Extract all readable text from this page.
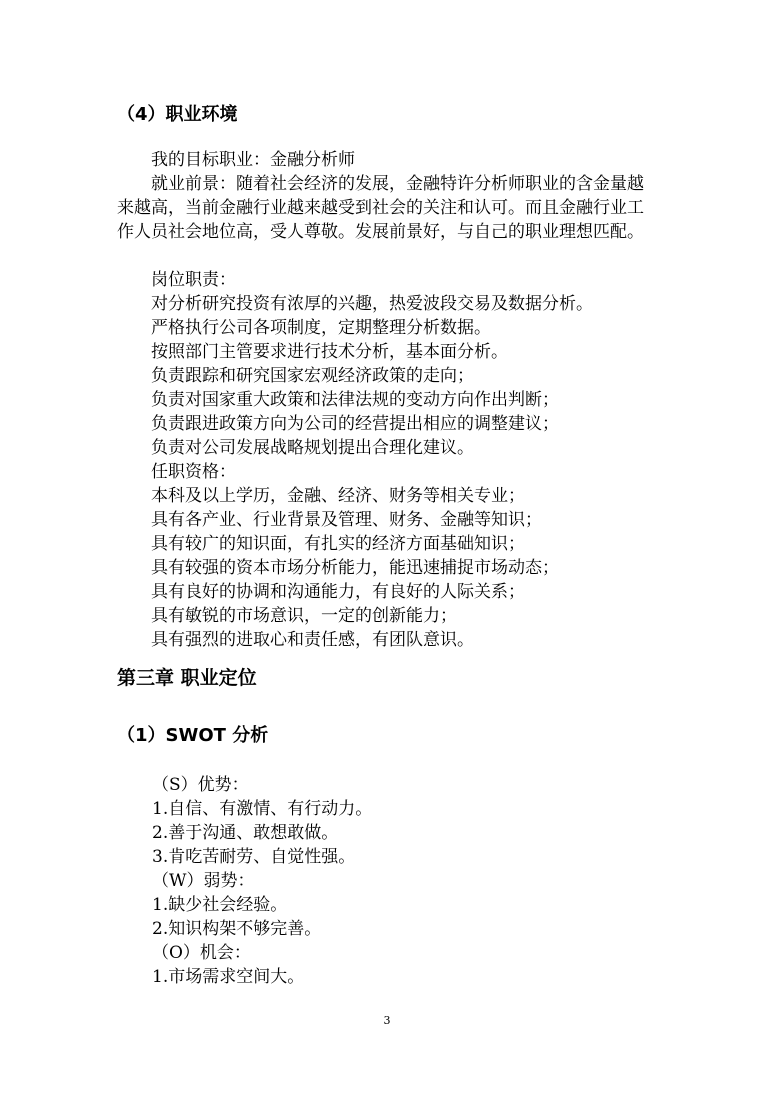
（4）职业环境
我的目标职业：金融分析师
就业前景：随着社会经济的发展，金融特许分析师职业的含金量越来越高，当前金融行业越来越受到社会的关注和认可。而且金融行业工作人员社会地位高，受人尊敬。发展前景好，与自己的职业理想匹配。
岗位职责：
对分析研究投资有浓厚的兴趣，热爱波段交易及数据分析。
严格执行公司各项制度，定期整理分析数据。
按照部门主管要求进行技术分析，基本面分析。
负责跟踪和研究国家宏观经济政策的走向；
负责对国家重大政策和法律法规的变动方向作出判断；
负责跟进政策方向为公司的经营提出相应的调整建议；
负责对公司发展战略规划提出合理化建议。
任职资格：
本科及以上学历，金融、经济、财务等相关专业；
具有各产业、行业背景及管理、财务、金融等知识；
具有较广的知识面，有扎实的经济方面基础知识；
具有较强的资本市场分析能力，能迅速捕捉市场动态；
具有良好的协调和沟通能力，有良好的人际关系；
具有敏锐的市场意识，一定的创新能力；
具有强烈的进取心和责任感，有团队意识。
第三章 职业定位
（1）SWOT 分析
（S）优势：
1.自信、有激情、有行动力。
2.善于沟通、敢想敢做。
3.肯吃苦耐劳、自觉性强。
（W）弱势：
1.缺少社会经验。
2.知识构架不够完善。
（O）机会：
1.市场需求空间大。
3
